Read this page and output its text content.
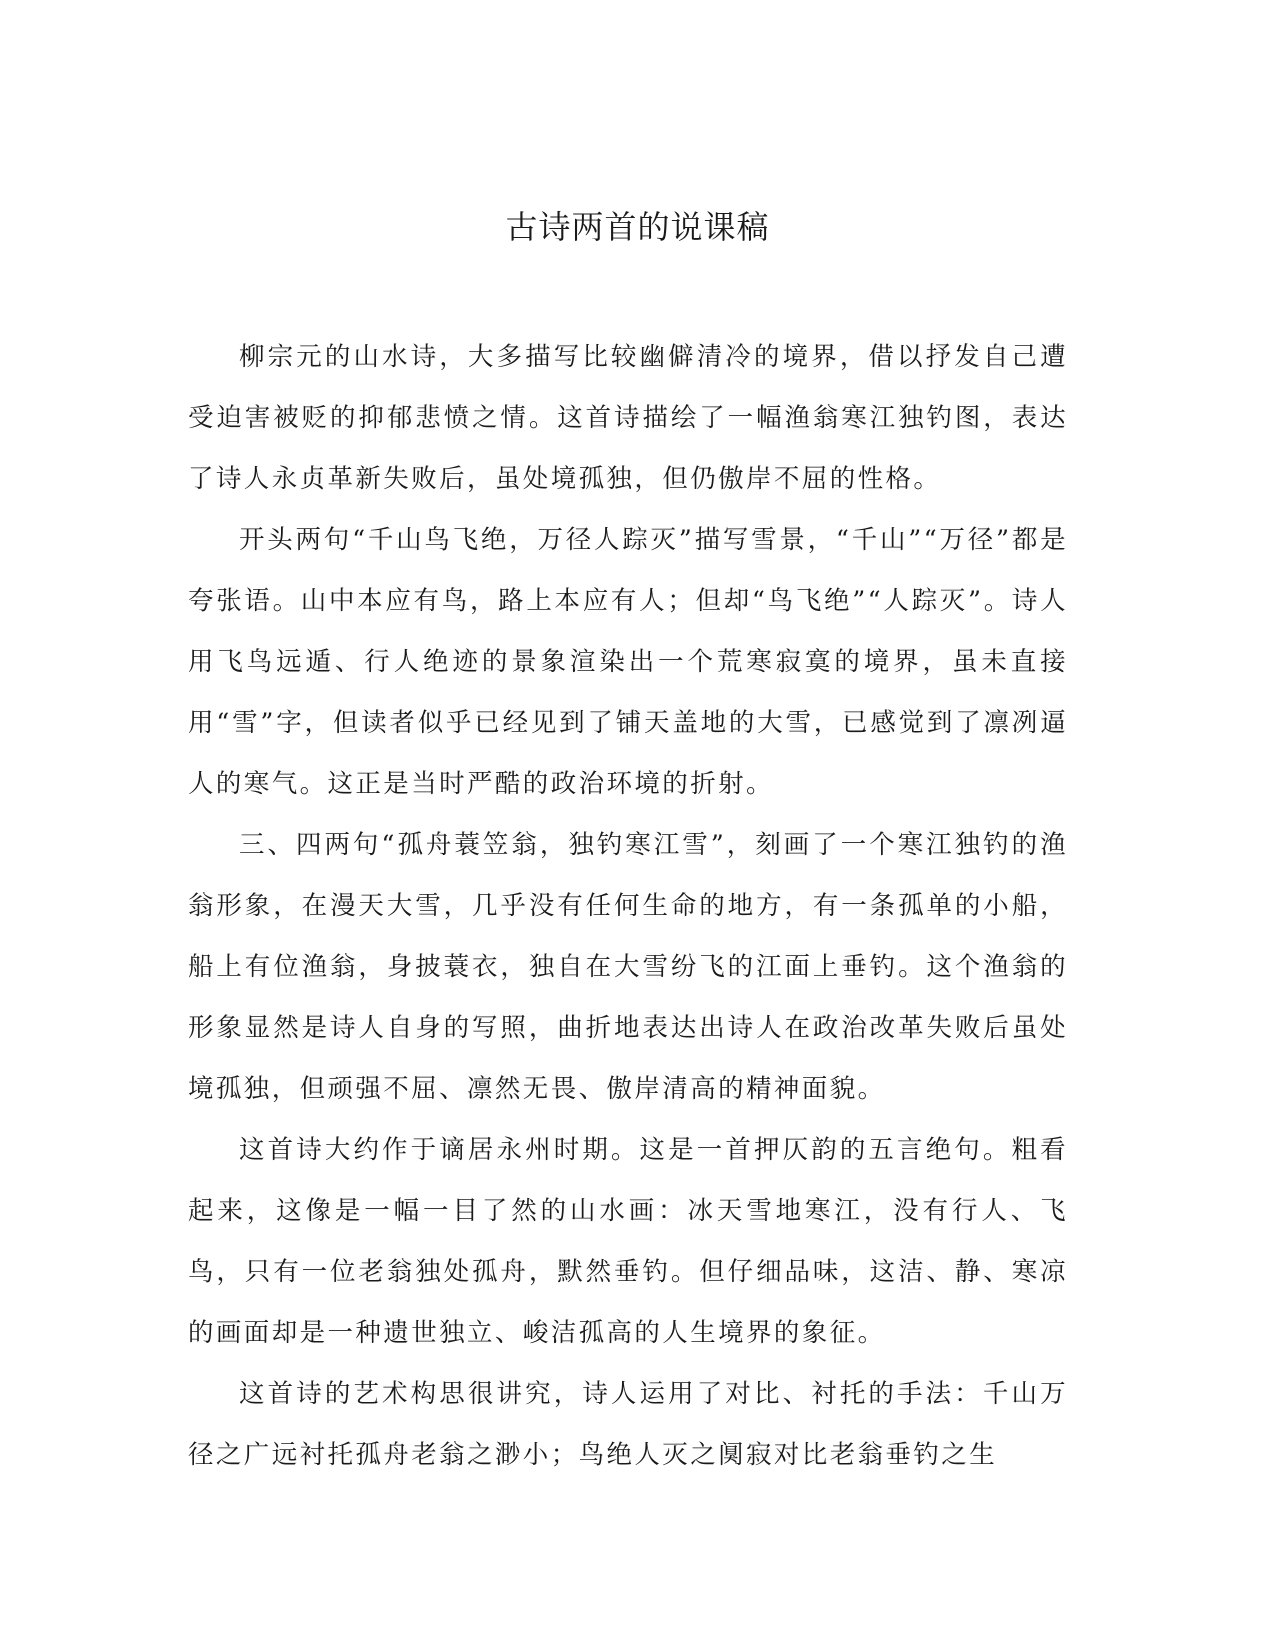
古诗两首的说课稿

柳宗元的山水诗，大多描写比较幽僻清冷的境界，借以抒发自己遭受迫害被贬的抑郁悲愤之情。这首诗描绘了一幅渔翁寒江独钓图，表达了诗人永贞革新失败后，虽处境孤独，但仍傲岸不屈的性格。

开头两句“千山鸟飞绝，万径人踪灭”描写雪景，“千山”“万径”都是夸张语。山中本应有鸟，路上本应有人；但却“鸟飞绝”“人踪灭”。诗人用飞鸟远遁、行人绝迹的景象渲染出一个荒寒寂寞的境界，虽未直接用“雪”字，但读者似乎已经见到了铺天盖地的大雪，已感觉到了凛冽逼人的寒气。这正是当时严酷的政治环境的折射。

三、四两句“孤舟蓑笠翁，独钓寒江雪”，刻画了一个寒江独钓的渔翁形象，在漫天大雪，几乎没有任何生命的地方，有一条孤单的小船，船上有位渔翁，身披蓑衣，独自在大雪纷飞的江面上垂钓。这个渔翁的形象显然是诗人自身的写照，曲折地表达出诗人在政治改革失败后虽处境孤独，但顽强不屈、凛然无畏、傲岸清高的精神面貌。

这首诗大约作于谪居永州时期。这是一首押仄韵的五言绝句。粗看起来，这像是一幅一目了然的山水画：冰天雪地寒江，没有行人、飞鸟，只有一位老翁独处孤舟，默然垂钓。但仔细品味，这洁、静、寒凉的画面却是一种遗世独立、峻洁孤高的人生境界的象征。

这首诗的艺术构思很讲究，诗人运用了对比、衬托的手法：千山万径之广远衬托孤舟老翁之渺小；鸟绝人灭之阒寂对比老翁垂钓之生
